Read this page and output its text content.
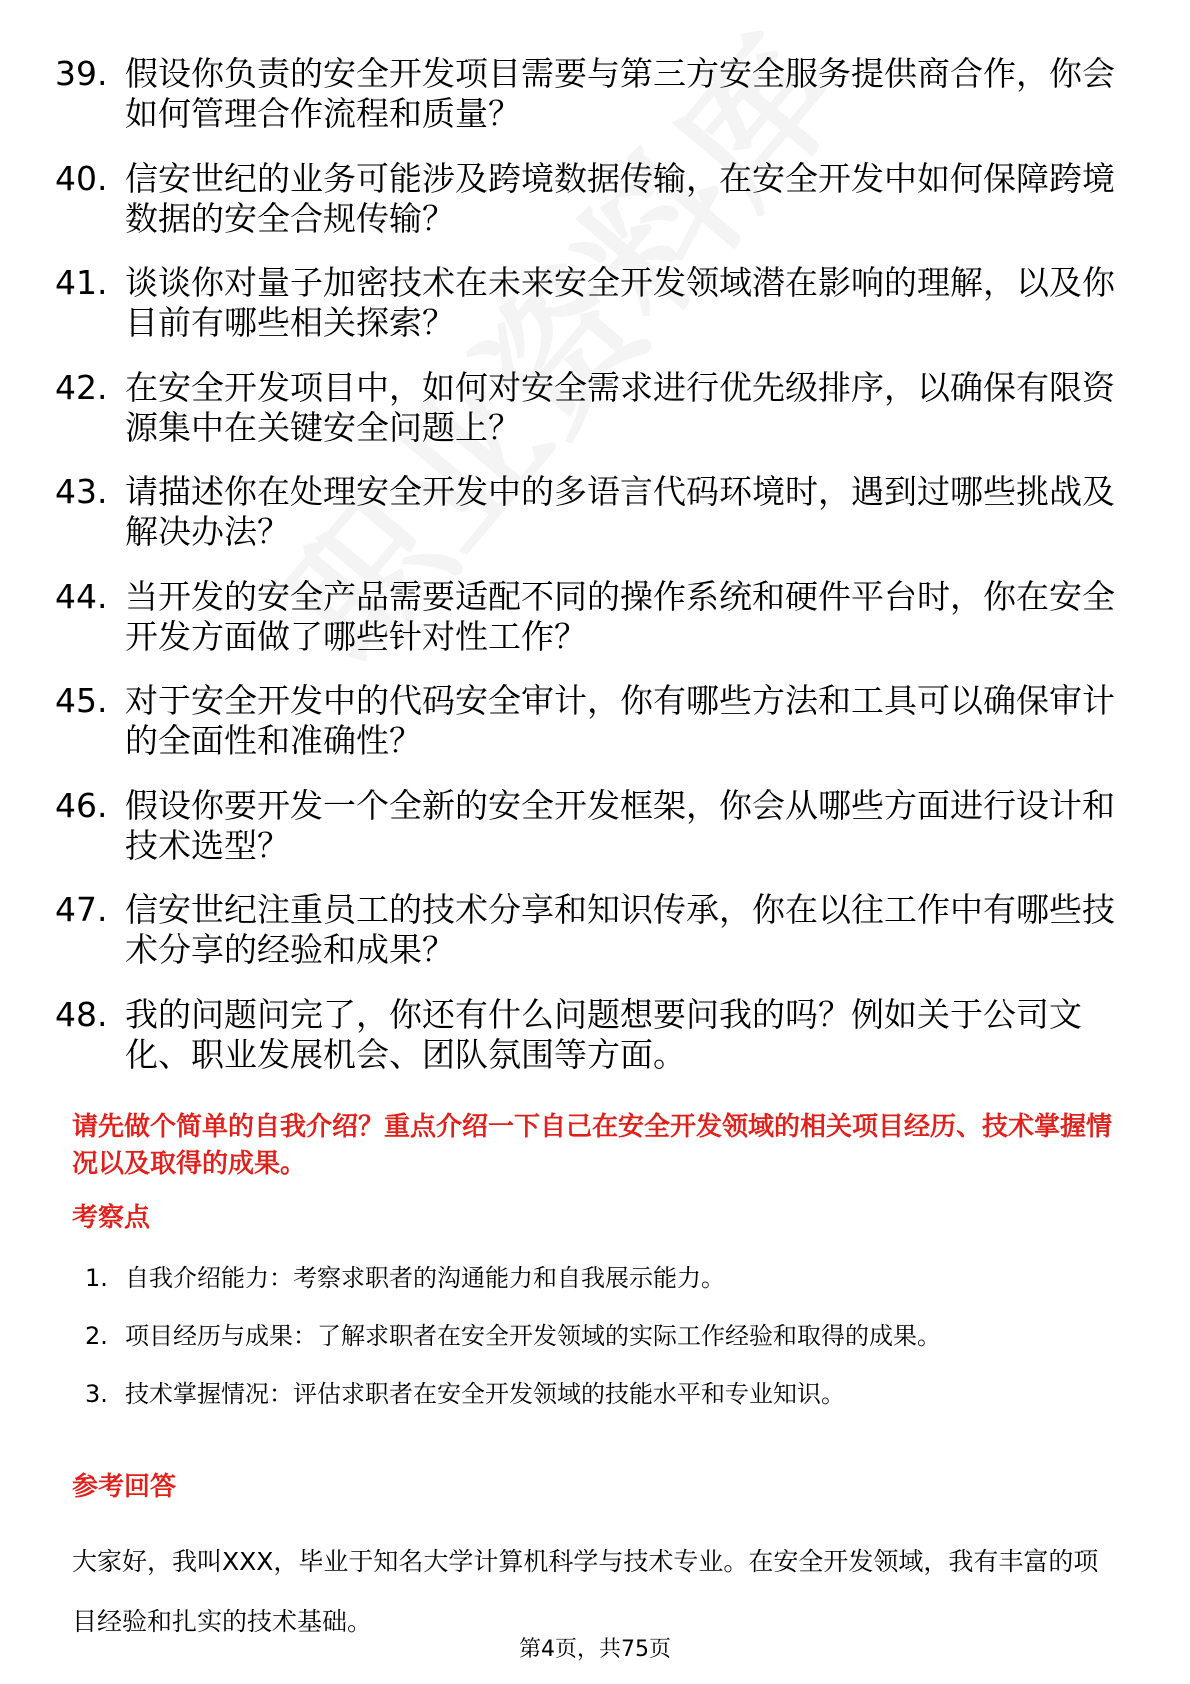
39. 假设你负责的安全开发项目需要与第三方安全服务提供商合作，你会如何管理合作流程和质量？
40. 信安世纪的业务可能涉及跨境数据传输，在安全开发中如何保障跨境数据的安全合规传输？
41. 谈谈你对量子加密技术在未来安全开发领域潜在影响的理解，以及你目前有哪些相关探索？
42. 在安全开发项目中，如何对安全需求进行优先级排序，以确保有限资源集中在关键安全问题上？
43. 请描述你在处理安全开发中的多语言代码环境时，遇到过哪些挑战及解决办法？
44. 当开发的安全产品需要适配不同的操作系统和硬件平台时，你在安全开发方面做了哪些针对性工作？
45. 对于安全开发中的代码安全审计，你有哪些方法和工具可以确保审计的全面性和准确性？
46. 假设你要开发一个全新的安全开发框架，你会从哪些方面进行设计和技术选型？
47. 信安世纪注重员工的技术分享和知识传承，你在以往工作中有哪些技术分享的经验和成果？
48. 我的问题问完了，你还有什么问题想要问我的吗？例如关于公司文化、职业发展机会、团队氛围等方面。

请先做个简单的自我介绍？重点介绍一下自己在安全开发领域的相关项目经历、技术掌握情况以及取得的成果。

考察点
1. 自我介绍能力：考察求职者的沟通能力和自我展示能力。
2. 项目经历与成果：了解求职者在安全开发领域的实际工作经验和取得的成果。
3. 技术掌握情况：评估求职者在安全开发领域的技能水平和专业知识。
参考回答

大家好，我叫XXX，毕业于知名大学计算机科学与技术专业。在安全开发领域，我有丰富的项目经验和扎实的技术基础。

第4页，共75页
